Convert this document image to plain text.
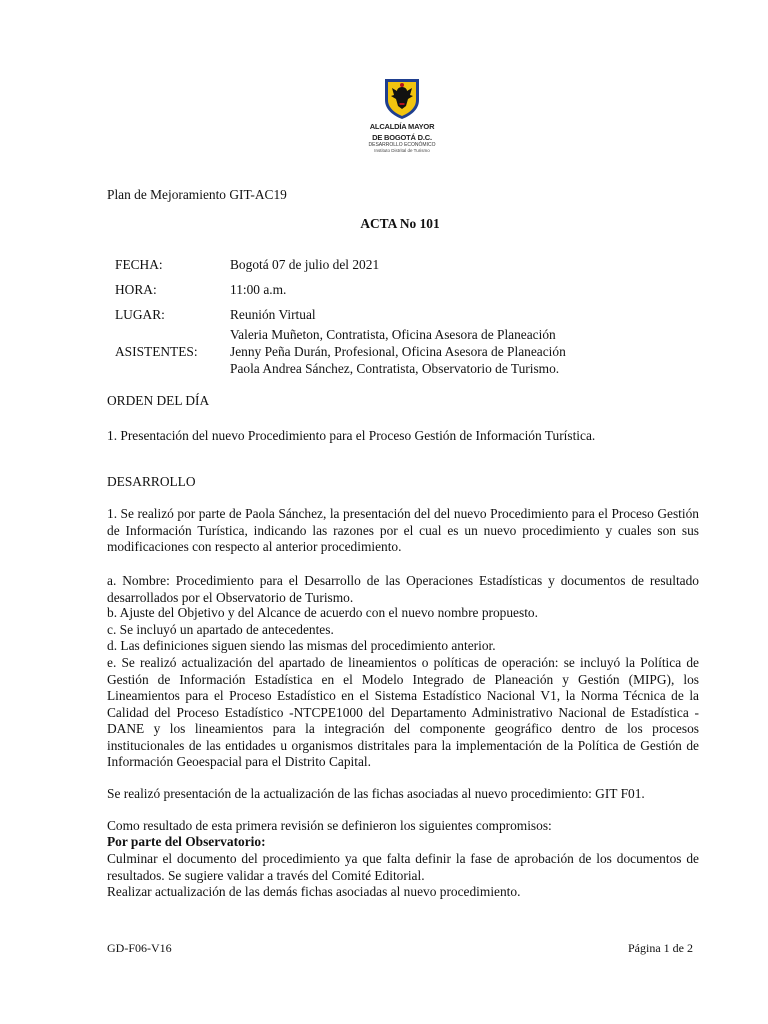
ALCALDÍA MAYOR
DE BOGOTÁ D.C.
DESARROLLO ECONÓMICO
Instituto Distrital de Turismo
Plan de Mejoramiento GIT-AC19
ACTA No 101
FECHA:	Bogotá 07 de julio del 2021
HORA:	11:00 a.m.
LUGAR:	Reunión Virtual
ASISTENTES:
Valeria Muñeton, Contratista, Oficina Asesora de Planeación
Jenny Peña Durán, Profesional, Oficina Asesora de Planeación
Paola Andrea Sánchez, Contratista, Observatorio de Turismo.
ORDEN DEL DÍA
1. Presentación del nuevo Procedimiento para el Proceso Gestión de Información Turística.
DESARROLLO
1. Se realizó por parte de Paola Sánchez, la presentación del del nuevo Procedimiento para el Proceso Gestión de Información Turística, indicando las razones por el cual es un nuevo procedimiento y cuales son sus modificaciones con respecto al anterior procedimiento.
a. Nombre: Procedimiento para el Desarrollo de las Operaciones Estadísticas y documentos de resultado desarrollados por el Observatorio de Turismo.
b. Ajuste del Objetivo y del Alcance de acuerdo con el nuevo nombre propuesto.
c. Se incluyó un apartado de antecedentes.
d. Las definiciones siguen siendo las mismas del procedimiento anterior.
e. Se realizó actualización del apartado de lineamientos o políticas de operación: se incluyó la Política de Gestión de Información Estadística en el Modelo Integrado de Planeación y Gestión (MIPG), los Lineamientos para el Proceso Estadístico en el Sistema Estadístico Nacional V1, la Norma Técnica de la Calidad del Proceso Estadístico -NTCPE1000 del Departamento Administrativo Nacional de Estadística - DANE y los lineamientos para la integración del componente geográfico dentro de los procesos institucionales de las entidades u organismos distritales para la implementación de la Política de Gestión de Información Geoespacial para el Distrito Capital.
Se realizó presentación de la actualización de las fichas asociadas al nuevo procedimiento: GIT F01.
Como resultado de esta primera revisión se definieron los siguientes compromisos:
Por parte del Observatorio:
Culminar el documento del procedimiento ya que falta definir la fase de aprobación de los documentos de resultados. Se sugiere validar a través del Comité Editorial.
Realizar actualización de las demás fichas asociadas al nuevo procedimiento.
GD-F06-V16	Página 1 de 2
